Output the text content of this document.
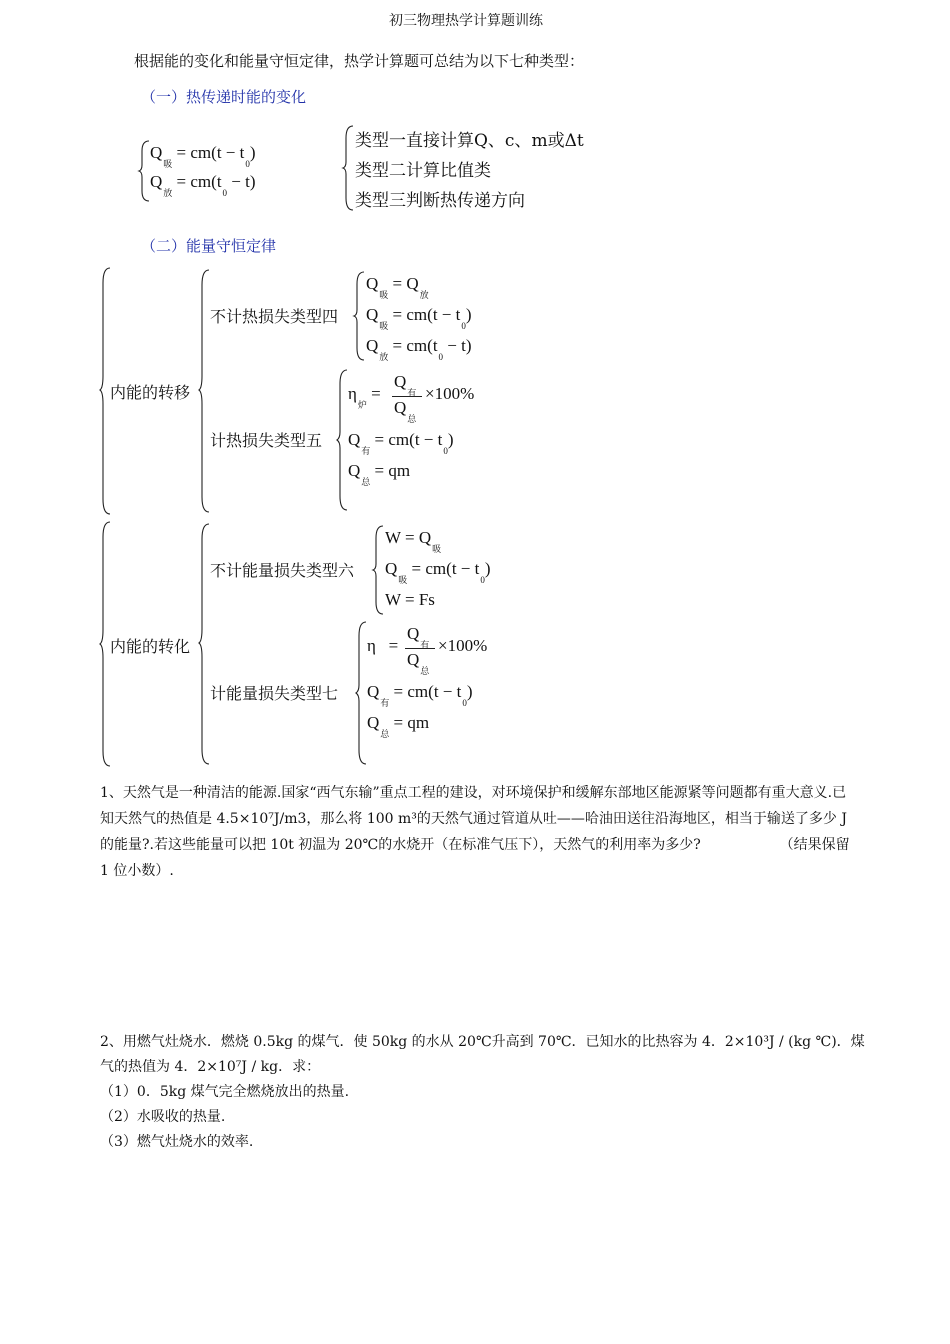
初三物理热学计算题训练
根据能的变化和能量守恒定律，热学计算题可总结为以下七种类型：
（一）热传递时能的变化
$Q_吸 = cm(t - t_0)$
$Q_放 = cm(t_0 - t)$
类型一直接计算Q、c、m或Δt
类型二计算比值类
类型三判断热传递方向
（二）能量守恒定律
内能的转移
不计热损失类型四
$Q_吸 = Q_放$
$Q_吸 = cm(t - t_0)$
$Q_放 = cm(t_0 - t)$
计热损失类型五
$\eta_炉$ =
$Q_有$
$Q_总$
×100%
$Q_有 = cm(t - t_0)$
$Q_总$ = qm
内能的转化
不计能量损失类型六
$W = Q_吸$
$Q_吸 = cm(t - t_0)$
W = Fs
计能量损失类型七
η   =
$Q_有$
$Q_总$
×100%
$Q_有 = cm(t - t_0)$
$Q_总$ = qm
1、天然气是一种清洁的能源.国家“西气东输”重点工程的建设，对环境保护和缓解东部地区能源紧等问题都有重大意义.已知天然气的热值是 4.5×10⁷J/m3，那么将 100 m³的天然气通过管道从吐——哈油田送往沿海地区，相当于输送了多少 J 的能量?.若这些能量可以把 10t 初温为 20℃的水烧开（在标准气压下），天然气的利用率为多少?	（结果保留 1 位小数）.
2、用燃气灶烧水．燃烧 0.5kg 的煤气．使 50kg 的水从 20℃升高到 70℃．已知水的比热容为 4．2×10³J / (kg ℃)．煤气的热值为 4．2×10⁷J / kg．求：
（1）0．5kg 煤气完全燃烧放出的热量.
（2）水吸收的热量.
（3）燃气灶烧水的效率.
